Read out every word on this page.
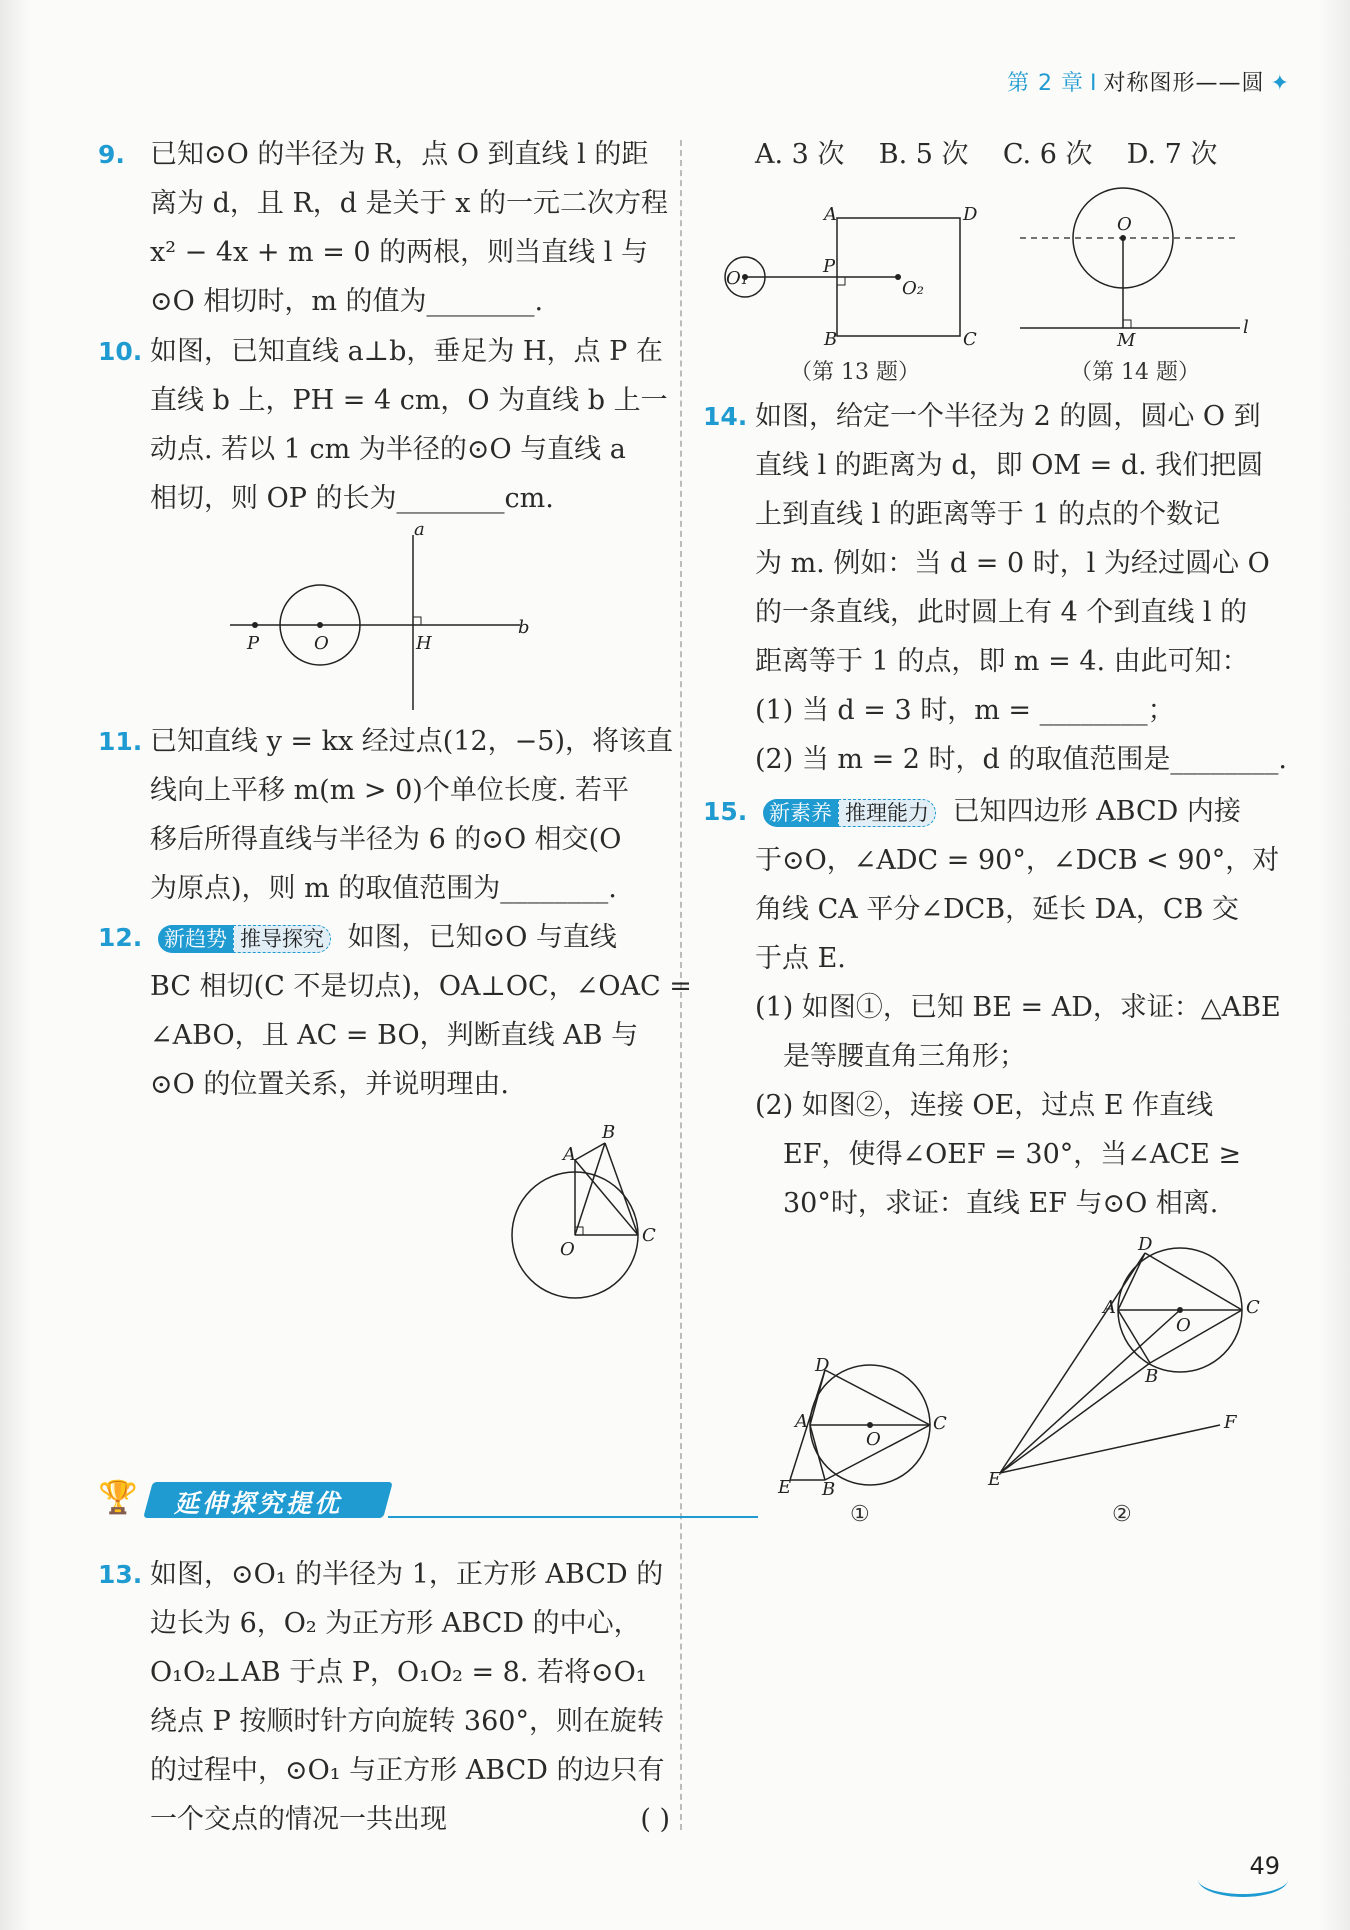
第 2 章 I 对称图形——圆 ✦
9. 已知⊙O 的半径为 R，点 O 到直线 l 的距
离为 d，且 R，d 是关于 x 的一元二次方程
x² − 4x + m = 0 的两根，则当直线 l 与
⊙O 相切时，m 的值为________.
10. 如图，已知直线 a⊥b，垂足为 H，点 P 在
直线 b 上，PH = 4 cm，O 为直线 b 上一
动点. 若以 1 cm 为半径的⊙O 与直线 a
相切，则 OP 的长为________cm.
a
b
P	O	H
11. 已知直线 y = kx 经过点(12，−5)，将该直
线向上平移 m(m > 0)个单位长度. 若平
移后所得直线与半径为 6 的⊙O 相交(O
为原点)，则 m 的取值范围为________.
12.	新趋势 推导探究 如图，已知⊙O 与直线
BC 相切(C 不是切点)，OA⊥OC，∠OAC =
∠ABO，且 AC = BO，判断直线 AB 与
⊙O 的位置关系，并说明理由.
A
B
C
O
🏆 延伸探究提优
13. 如图，⊙O₁ 的半径为 1，正方形 ABCD 的
边长为 6，O₂ 为正方形 ABCD 的中心，
O₁O₂⊥AB 于点 P，O₁O₂ = 8. 若将⊙O₁
绕点 P 按顺时针方向旋转 360°，则在旋转
的过程中，⊙O₁ 与正方形 ABCD 的边只有
一个交点的情况一共出现	( )
A. 3 次    B. 5 次    C. 6 次    D. 7 次
A	D
B	C
P
O₁	O₂
（第 13 题）
O
M
l
（第 14 题）
14. 如图，给定一个半径为 2 的圆，圆心 O 到
直线 l 的距离为 d，即 OM = d. 我们把圆
上到直线 l 的距离等于 1 的点的个数记
为 m. 例如：当 d = 0 时，l 为经过圆心 O
的一条直线，此时圆上有 4 个到直线 l 的
距离等于 1 的点，即 m = 4. 由此可知：
(1) 当 d = 3 时，m = ________；
(2) 当 m = 2 时，d 的取值范围是________.
15.	新素养 推理能力 已知四边形 ABCD 内接
于⊙O，∠ADC = 90°，∠DCB < 90°，对
角线 CA 平分∠DCB，延长 DA，CB 交
于点 E.
(1) 如图①，已知 BE = AD，求证：△ABE
是等腰直角三角形；
(2) 如图②，连接 OE，过点 E 作直线
EF，使得∠OEF = 30°，当∠ACE ≥
30°时，求证：直线 EF 与⊙O 相离.
D
A
O
C
E B
①
D
A
O
C
B
E
F
②
49
